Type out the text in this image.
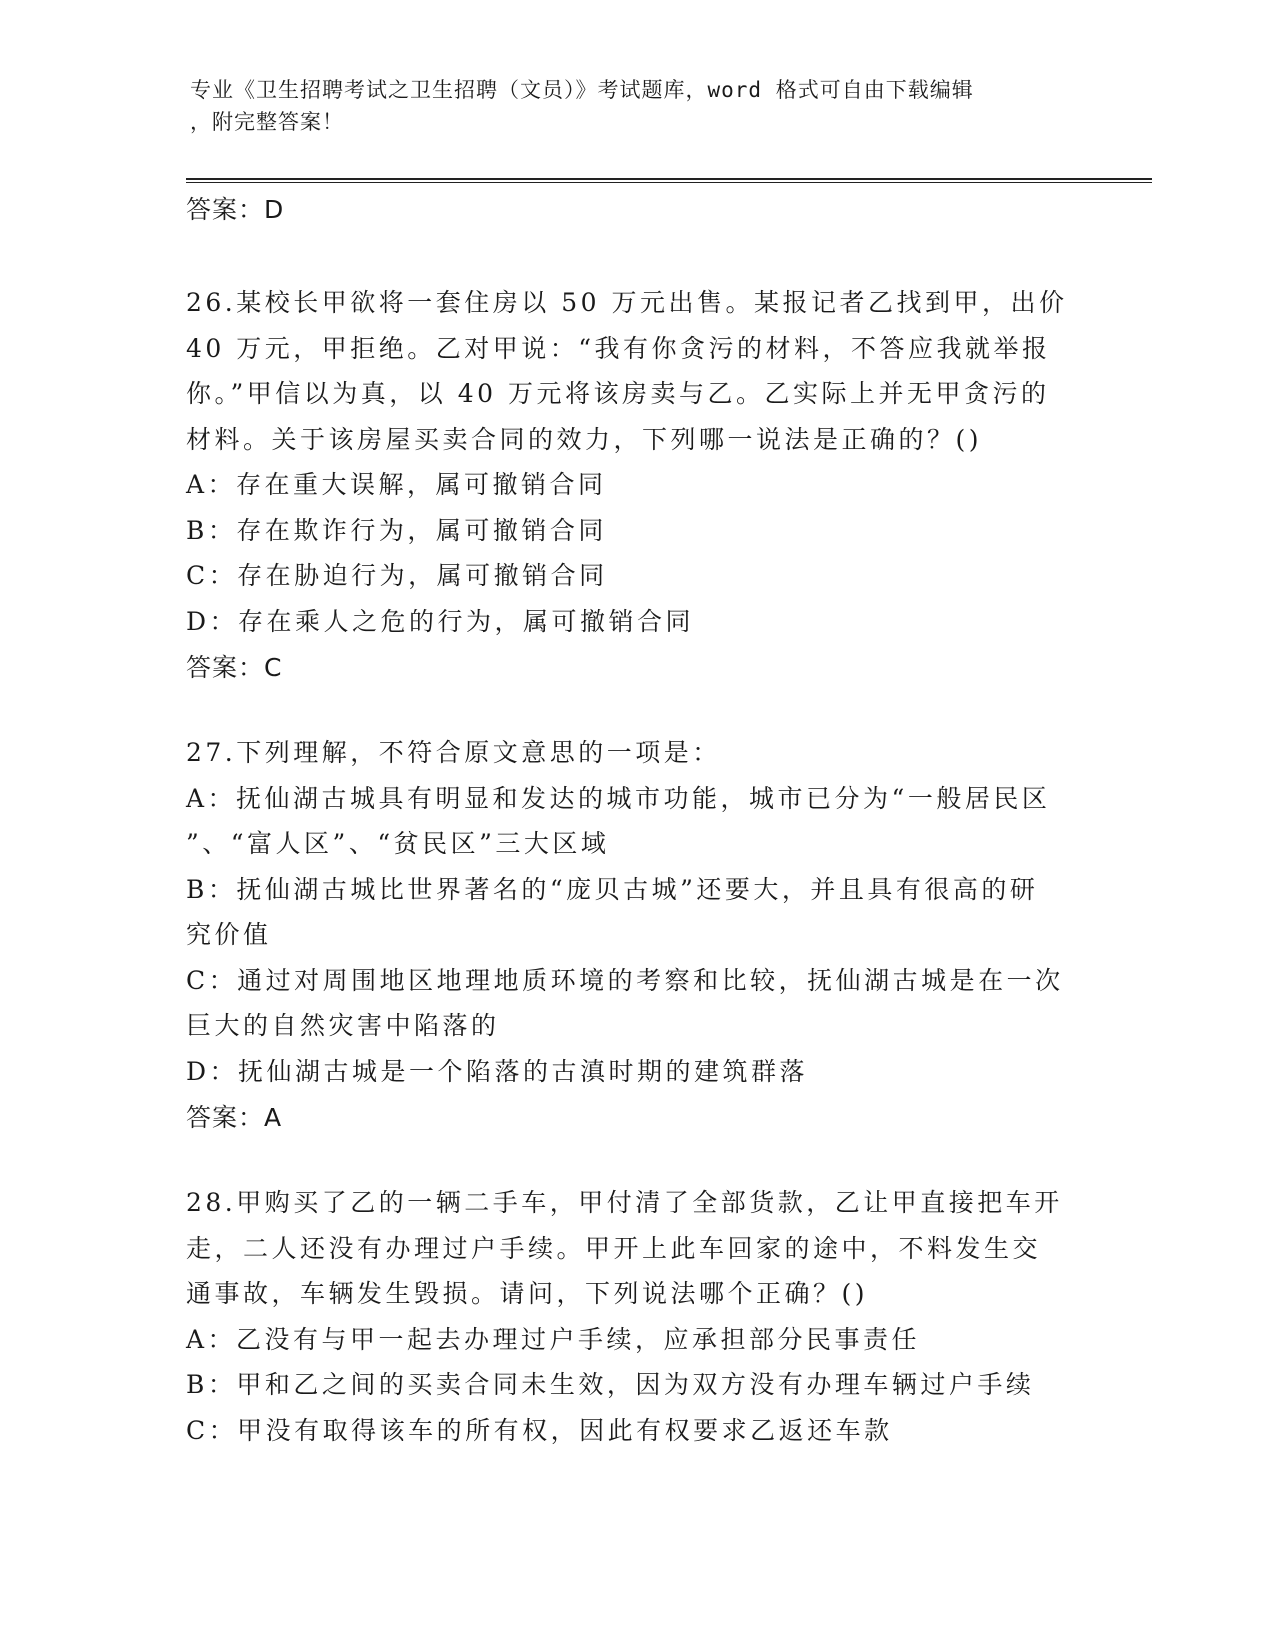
专业《卫生招聘考试之卫生招聘（文员）》考试题库，word 格式可自由下载编辑
，附完整答案！

答案：D

26.某校长甲欲将一套住房以 50 万元出售。某报记者乙找到甲，出价

40 万元，甲拒绝。乙对甲说：“我有你贪污的材料，不答应我就举报

你。”甲信以为真，以 40 万元将该房卖与乙。乙实际上并无甲贪污的

材料。关于该房屋买卖合同的效力，下列哪一说法是正确的？()

A：存在重大误解，属可撤销合同

B：存在欺诈行为，属可撤销合同

C：存在胁迫行为，属可撤销合同

D：存在乘人之危的行为，属可撤销合同

答案：C

27.下列理解，不符合原文意思的一项是：

A：抚仙湖古城具有明显和发达的城市功能，城市已分为“一般居民区

”、“富人区”、“贫民区”三大区域

B：抚仙湖古城比世界著名的“庞贝古城”还要大，并且具有很高的研

究价值

C：通过对周围地区地理地质环境的考察和比较，抚仙湖古城是在一次

巨大的自然灾害中陷落的

D：抚仙湖古城是一个陷落的古滇时期的建筑群落

答案：A

28.甲购买了乙的一辆二手车，甲付清了全部货款，乙让甲直接把车开

走，二人还没有办理过户手续。甲开上此车回家的途中，不料发生交

通事故，车辆发生毁损。请问，下列说法哪个正确？()

A：乙没有与甲一起去办理过户手续，应承担部分民事责任

B：甲和乙之间的买卖合同未生效，因为双方没有办理车辆过户手续

C：甲没有取得该车的所有权，因此有权要求乙返还车款
